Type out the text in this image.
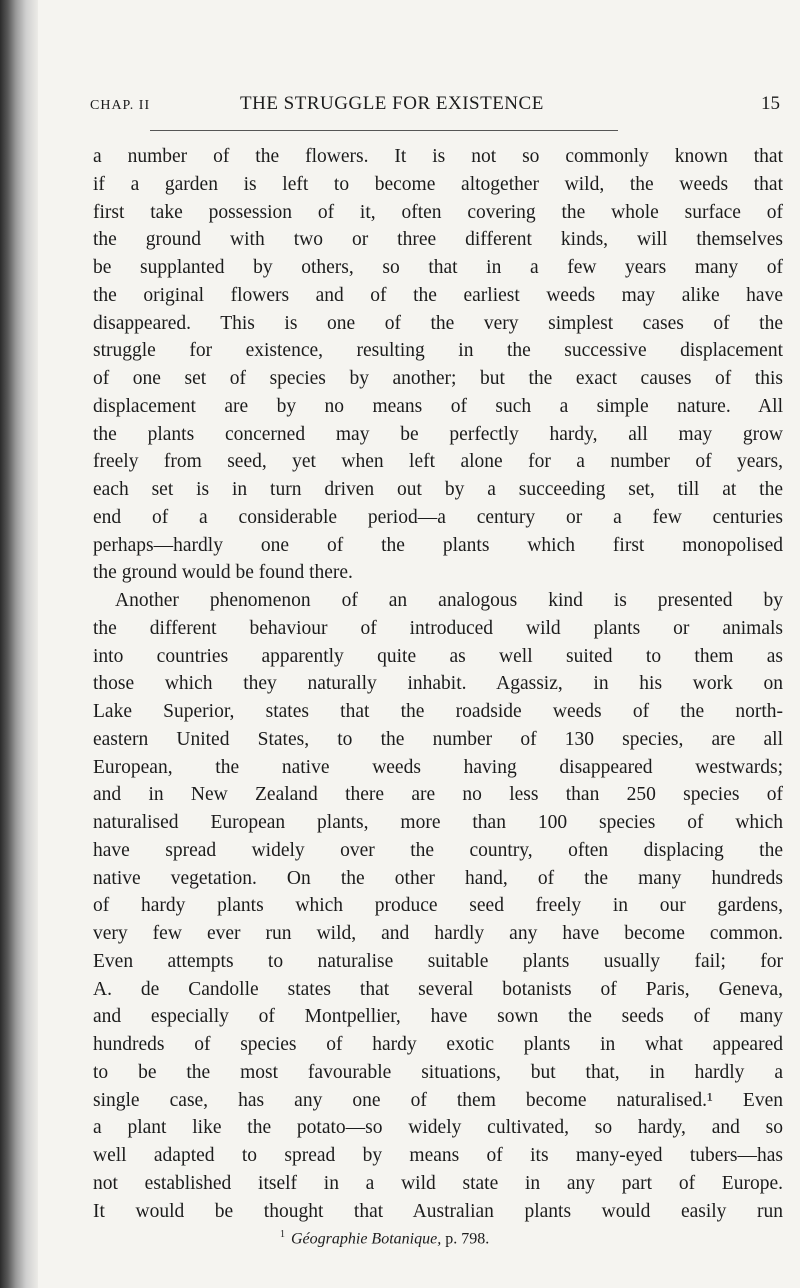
CHAP. II	THE STRUGGLE FOR EXISTENCE	15
a number of the flowers. It is not so commonly known that
if a garden is left to become altogether wild, the weeds that
first take possession of it, often covering the whole surface of
the ground with two or three different kinds, will themselves
be supplanted by others, so that in a few years many of
the original flowers and of the earliest weeds may alike have
disappeared. This is one of the very simplest cases of the
struggle for existence, resulting in the successive displacement
of one set of species by another; but the exact causes of this
displacement are by no means of such a simple nature. All
the plants concerned may be perfectly hardy, all may grow
freely from seed, yet when left alone for a number of years,
each set is in turn driven out by a succeeding set, till at the
end of a considerable period—a century or a few centuries
perhaps—hardly one of the plants which first monopolised
the ground would be found there.
Another phenomenon of an analogous kind is presented by
the different behaviour of introduced wild plants or animals
into countries apparently quite as well suited to them as
those which they naturally inhabit. Agassiz, in his work on
Lake Superior, states that the roadside weeds of the north-
eastern United States, to the number of 130 species, are all
European, the native weeds having disappeared westwards;
and in New Zealand there are no less than 250 species of
naturalised European plants, more than 100 species of which
have spread widely over the country, often displacing the
native vegetation. On the other hand, of the many hundreds
of hardy plants which produce seed freely in our gardens,
very few ever run wild, and hardly any have become common.
Even attempts to naturalise suitable plants usually fail; for
A. de Candolle states that several botanists of Paris, Geneva,
and especially of Montpellier, have sown the seeds of many
hundreds of species of hardy exotic plants in what appeared
to be the most favourable situations, but that, in hardly a
single case, has any one of them become naturalised.¹ Even
a plant like the potato—so widely cultivated, so hardy, and so
well adapted to spread by means of its many-eyed tubers—has
not established itself in a wild state in any part of Europe.
It would be thought that Australian plants would easily run
$^1$ Géographie Botanique, p. 798.
